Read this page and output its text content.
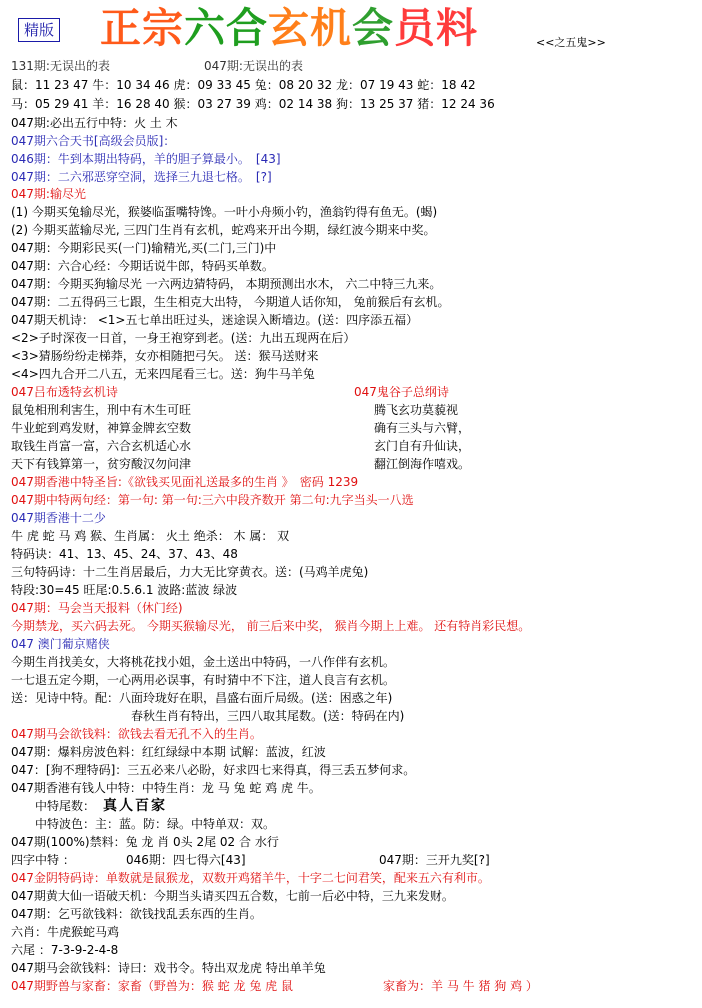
精版 正宗六合玄机会员料	<<之五鬼>>
131期:无误出的表	047期:无误出的表
鼠：11 23 47 牛：10 34 46 虎：09 33 45 兔：08 20 32 龙：07 19 43 蛇：18 42
马：05 29 41 羊：16 28 40 猴：03 27 39 鸡：02 14 38 狗：13 25 37 猪：12 24 36
047期:必出五行中特：火 土 木
047期六合天书[高级会员版]：
046期：牛到本期出特码，羊的胆子算最小。 [43]
047期：二六邪恶穿空洞，选择三九退七格。 [?]
047期:输尽光
(1) 今期买兔输尽光，猴婆临蛋嘴特馋。一叶小舟频小钓，渔翁钓得有鱼无。(蝎)
(2) 今期买蓝输尽光, 三四门生肖有玄机，蛇鸡来开出今期，绿红波今期来中奖。
047期：今期彩民买(一门)输精光,买(二门,三门)中
047期：六合心经：今期话说牛郎，特码买单数。
047期：今期买狗输尽光 一六两边猜特码， 本期预测出水木， 六二中特三九来。
047期：二五得码三七跟，生生相克大出特， 今期道人话你知， 兔前猴后有玄机。
047期天机诗： <1>五七单出旺过头，迷途误入断墙边。(送：四序添五福）
<2>子时深夜一日首，一身王袍穿到老。(送：九出五现两在后）
<3>猜肠纷纷走梯莽，女亦相随把弓矢。 送：猴马送财来
<4>四九合开二八五，无来四尾看三七。送：狗牛马羊兔
047吕布透特玄机诗	047鬼谷子总纲诗
鼠兔相刑利害生，刑中有木生可旺	腾飞玄功莫藐视
牛业蛇到鸡发财，神算金牌玄空数	确有三头与六臂，
取钱生肖富一富，六合玄机适心水	玄门自有升仙诀，
天下有钱算第一，贫穷酸汉勿问津	翻江倒海作嘻戏。
047期香港中特圣旨:《欲钱买见面礼送最多的生肖 》 密码 1239
047期中特两句经：第一句: 第一句:三六中段齐数开 第二句:九字当头一八选
047期香港十二少
牛 虎 蛇 马 鸡 猴、生肖属： 火土 绝杀： 木 属： 双
特码诀：41、13、45、24、37、43、48
三句特码诗：十二生肖居最后，力大无比穿黄衣。送：(马鸡羊虎兔)
特段:30=45 旺尾:0.5.6.1 波路:蓝波 绿波
047期：马会当天报料（休门经)
今期禁龙，买六码去死。 今期买猴输尽光， 前三后来中奖， 猴肖今期上上难。 还有特肖彩民想。
047 澳门葡京赌侠
今期生肖找美女，大将桃花找小姐，金土送出中特码，一八作伴有玄机。
一七退五定今期，一心两用必误事，有时猜中不下注，道人良言有玄机。
送：见诗中特。配：八面玲珑好在职，昌盛右面斤局级。(送：困惑之年)
春秋生肖有特出，三四八取其尾数。(送：特码在内)
047期马会欲钱料：欲钱去看无孔不入的生肖。
047期：爆料房波色料：红红绿绿中本期 试解：蓝波，红波
047：[狗不理特码]：三五必来八必盼，好求四七来得真，得三丢五梦何求。
047期香港有钱人中特：中特生肖：龙 马 兔 蛇 鸡 虎 牛。
中特尾数： 真人百家
中特波色：主：蓝。防：绿。中特单双：双。
047期(100%)禁料：兔 龙 肖 0头 2尾 02 合 水行
四字中特 ：	046期：四七得六[43]	047期：三开九奖[?]
047金阴特码诗：单数就是鼠猴龙，双数开鸡猪羊牛，十字二七问君笑，配来五六有利市。
047期黄大仙一语破天机：今期当头请买四五合数，七前一后必中特，三九来发财。
047期：乞丐欲钱料：欲钱找乱丢东西的生肖。
六肖：牛虎猴蛇马鸡
六尾 ：7-3-9-2-4-8
047期马会欲钱料：诗曰：戏书令。特出双龙虎 特出单羊兔
047期野兽与家畜：家畜（野兽为：猴 蛇 龙 兔 虎 鼠	家畜为：羊 马 牛 猪 狗 鸡 ）
